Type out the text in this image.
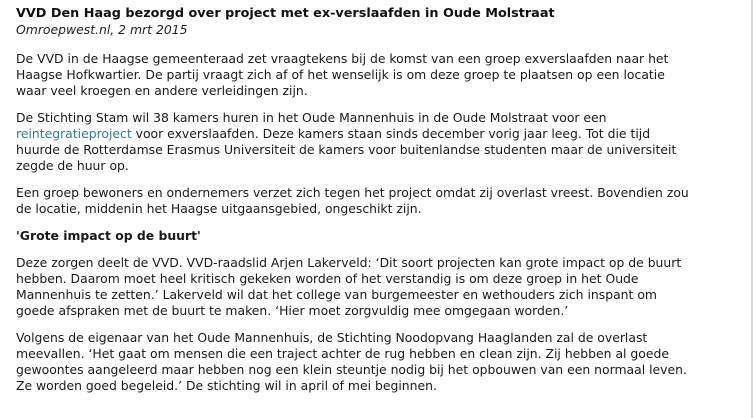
VVD Den Haag bezorgd over project met ex-verslaafden in Oude Molstraat
Omroepwest.nl, 2 mrt 2015

De VVD in de Haagse gemeenteraad zet vraagtekens bij de komst van een groep exverslaafden naar het
Haagse Hofkwartier. De partij vraagt zich af of het wenselijk is om deze groep te plaatsen op een locatie
waar veel kroegen en andere verleidingen zijn.

De Stichting Stam wil 38 kamers huren in het Oude Mannenhuis in de Oude Molstraat voor een
reintegratieproject voor exverslaafden. Deze kamers staan sinds december vorig jaar leeg. Tot die tijd
huurde de Rotterdamse Erasmus Universiteit de kamers voor buitenlandse studenten maar de universiteit
zegde de huur op.

Een groep bewoners en ondernemers verzet zich tegen het project omdat zij overlast vreest. Bovendien zou
de locatie, middenin het Haagse uitgaansgebied, ongeschikt zijn.

'Grote impact op de buurt'

Deze zorgen deelt de VVD. VVD-raadslid Arjen Lakerveld: ‘Dit soort projecten kan grote impact op de buurt
hebben. Daarom moet heel kritisch gekeken worden of het verstandig is om deze groep in het Oude
Mannenhuis te zetten.’ Lakerveld wil dat het college van burgemeester en wethouders zich inspant om
goede afspraken met de buurt te maken. ‘Hier moet zorgvuldig mee omgegaan worden.’

Volgens de eigenaar van het Oude Mannenhuis, de Stichting Noodopvang Haaglanden zal de overlast
meevallen. ‘Het gaat om mensen die een traject achter de rug hebben en clean zijn. Zij hebben al goede
gewoontes aangeleerd maar hebben nog een klein steuntje nodig bij het opbouwen van een normaal leven.
Ze worden goed begeleid.’ De stichting wil in april of mei beginnen.
